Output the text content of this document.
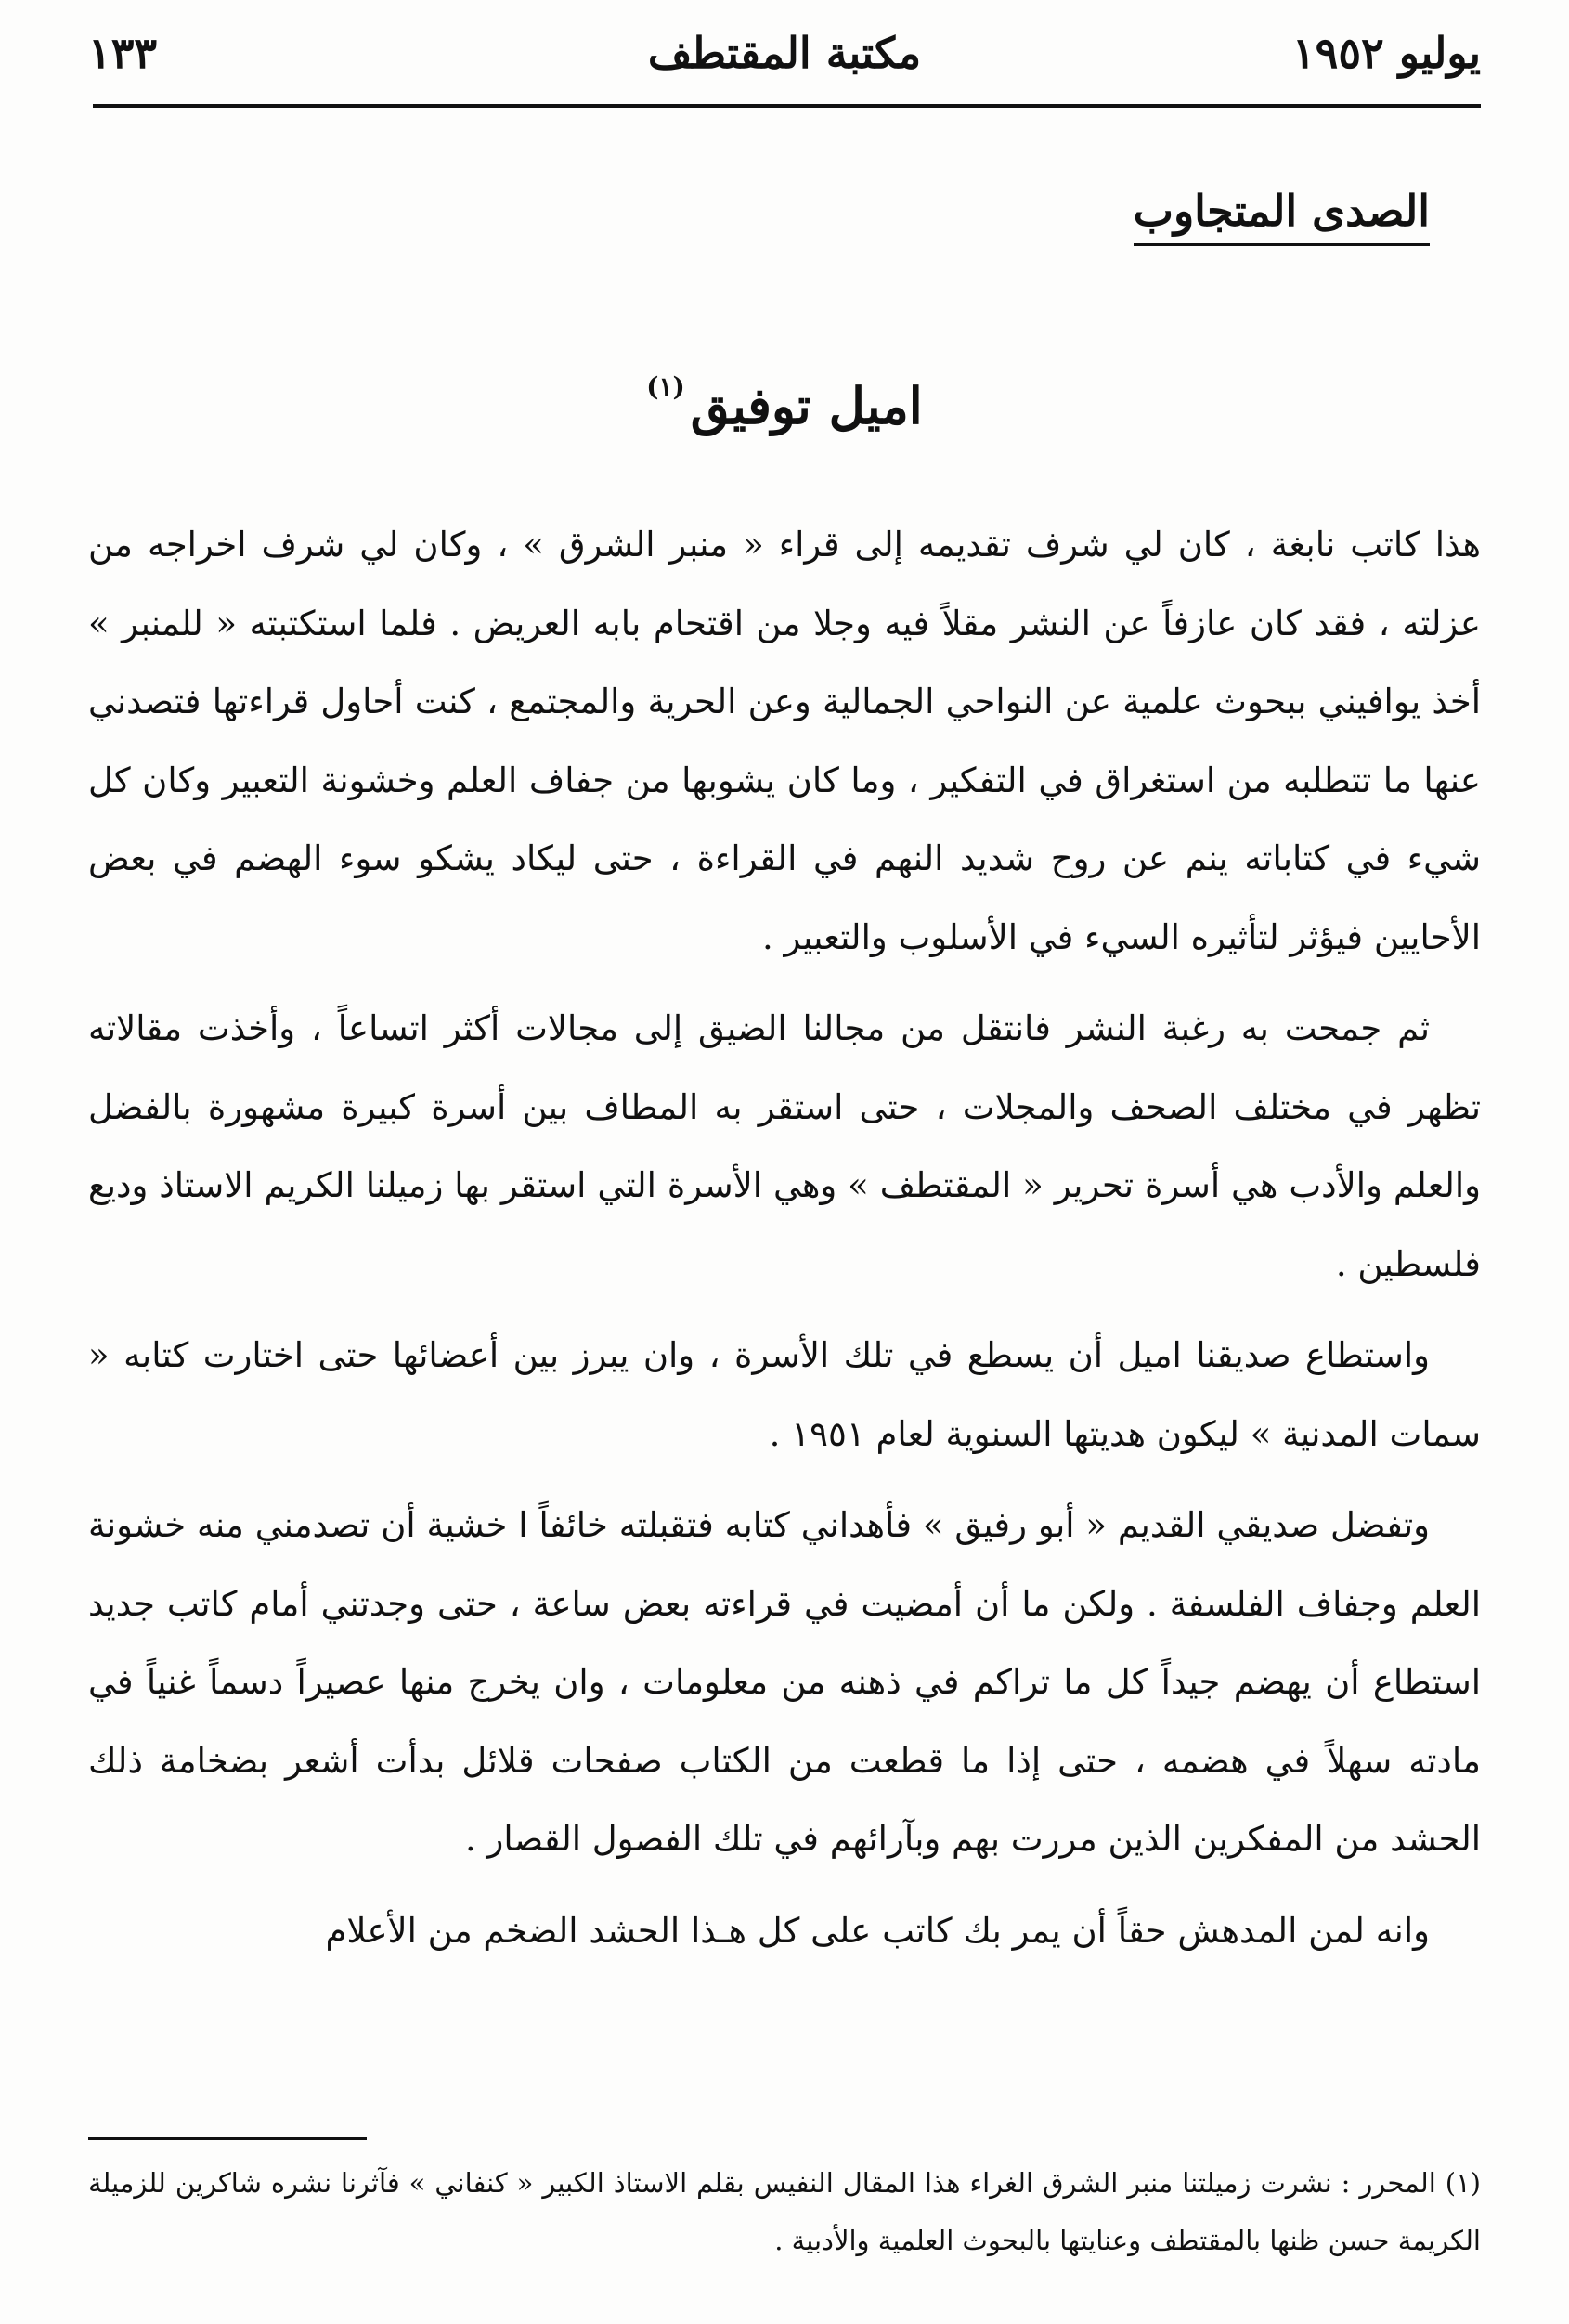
يوليو ١٩٥٢
مكتبة المقتطف
١٣٣
الصدى المتجاوب
اميل توفيق$^{(١)}$

هذا كاتب نابغة ، كان لي شرف تقديمه إلى قراء « منبر الشرق » ، وكان لي شرف اخراجه من عزلته ، فقد كان عازفاً عن النشر مقلاً فيه وجلا من اقتحام بابه العريض . فلما استكتبته « للمنبر » أخذ يوافيني ببحوث علمية عن النواحي الجمالية وعن الحرية والمجتمع ، كنت أحاول قراءتها فتصدني عنها ما تتطلبه من استغراق في التفكير ، وما كان يشوبها من جفاف العلم وخشونة التعبير وكان كل شيء في كتاباته ينم عن روح شديد النهم في القراءة ، حتى ليكاد يشكو سوء الهضم في بعض الأحايين فيؤثر لتأثيره السيء في الأسلوب والتعبير .

ثم جمحت به رغبة النشر فانتقل من مجالنا الضيق إلى مجالات أكثر اتساعاً ، وأخذت مقالاته تظهر في مختلف الصحف والمجلات ، حتى استقر به المطاف بين أسرة كبيرة مشهورة بالفضل والعلم والأدب هي أسرة تحرير « المقتطف » وهي الأسرة التي استقر بها زميلنا الكريم الاستاذ وديع فلسطين .

واستطاع صديقنا اميل أن يسطع في تلك الأسرة ، وان يبرز بين أعضائها حتى اختارت كتابه « سمات المدنية » ليكون هديتها السنوية لعام ١٩٥١ .

وتفضل صديقي القديم « أبو رفيق » فأهداني كتابه فتقبلته خائفاً ا خشية أن تصدمني منه خشونة العلم وجفاف الفلسفة . ولكن ما أن أمضيت في قراءته بعض ساعة ، حتى وجدتني أمام كاتب جديد استطاع أن يهضم جيداً كل ما تراكم في ذهنه من معلومات ، وان يخرج منها عصيراً دسماً غنياً في مادته سهلاً في هضمه ، حتى إذا ما قطعت من الكتاب صفحات قلائل بدأت أشعر بضخامة ذلك الحشد من المفكرين الذين مررت بهم وبآرائهم في تلك الفصول القصار .

وانه لمن المدهش حقاً أن يمر بك كاتب على كل هـذا الحشد الضخم من الأعلام

(١) المحرر : نشرت زميلتنا منبر الشرق الغراء هذا المقال النفيس بقلم الاستاذ الكبير « كنفاني » فآثرنا نشره شاكرين للزميلة الكريمة حسن ظنها بالمقتطف وعنايتها بالبحوث العلمية والأدبية .
